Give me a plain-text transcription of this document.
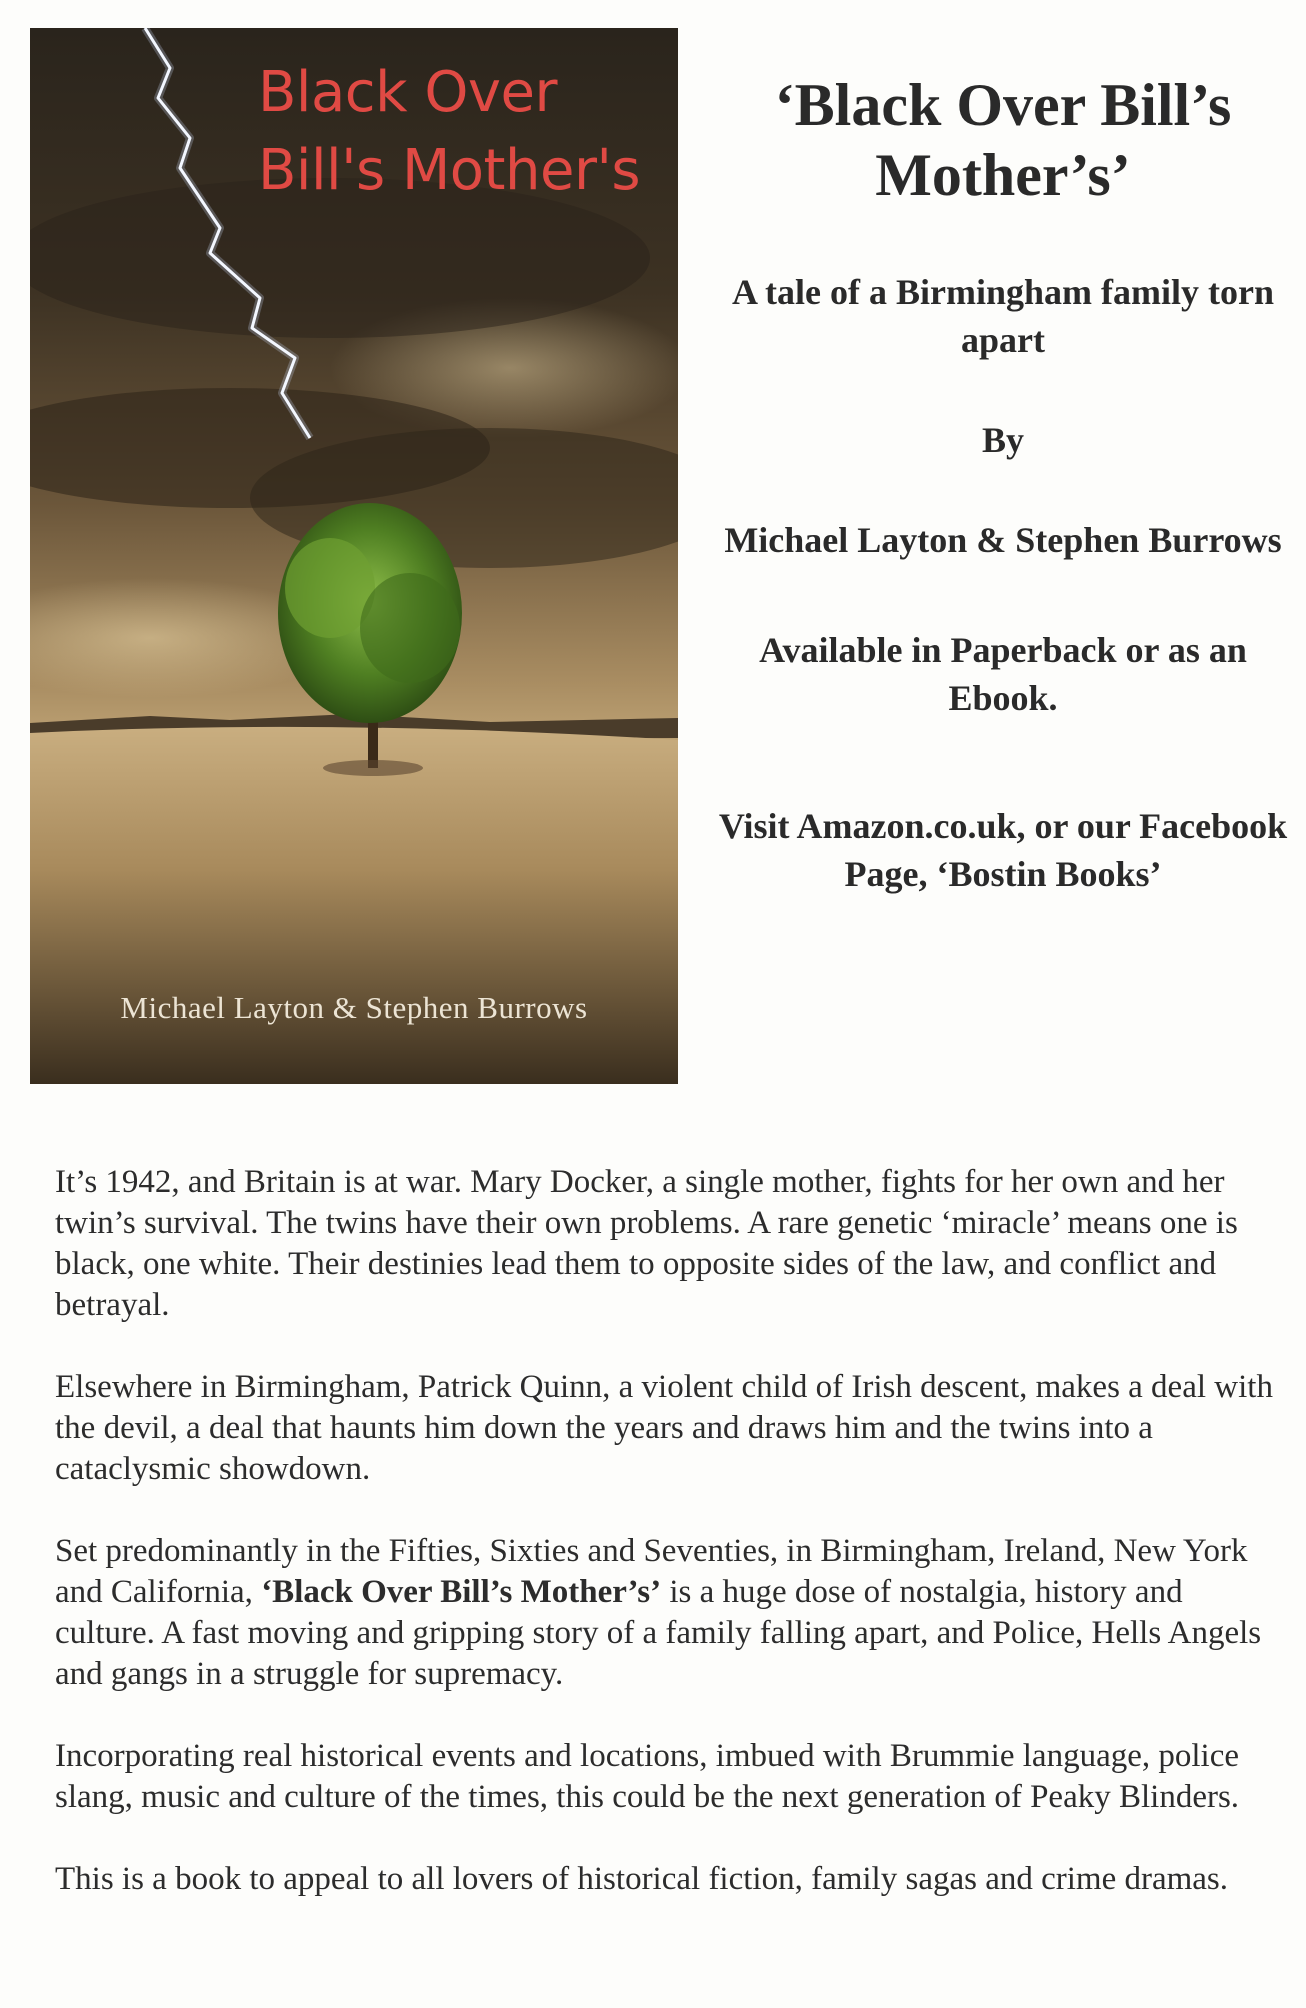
Black Over
Bill's Mother's
Michael Layton & Stephen Burrows
‘Black Over Bill’s Mother’s’
A tale of a Birmingham family torn apart
By
Michael Layton & Stephen Burrows
Available in Paperback or as an Ebook.
Visit Amazon.co.uk, or our Facebook Page, ‘Bostin Books’

It’s 1942, and Britain is at war. Mary Docker, a single mother, fights for her own and her twin’s survival. The twins have their own problems. A rare genetic ‘miracle’ means one is black, one white. Their destinies lead them to opposite sides of the law, and conflict and betrayal.

Elsewhere in Birmingham, Patrick Quinn, a violent child of Irish descent, makes a deal with the devil, a deal that haunts him down the years and draws him and the twins into a cataclysmic showdown.

Set predominantly in the Fifties, Sixties and Seventies, in Birmingham, Ireland, New York and California, ‘Black Over Bill’s Mother’s’ is a huge dose of nostalgia, history and culture. A fast moving and gripping story of a family falling apart, and Police, Hells Angels and gangs in a struggle for supremacy.

Incorporating real historical events and locations, imbued with Brummie language, police slang, music and culture of the times, this could be the next generation of Peaky Blinders.

This is a book to appeal to all lovers of historical fiction, family sagas and crime dramas.
